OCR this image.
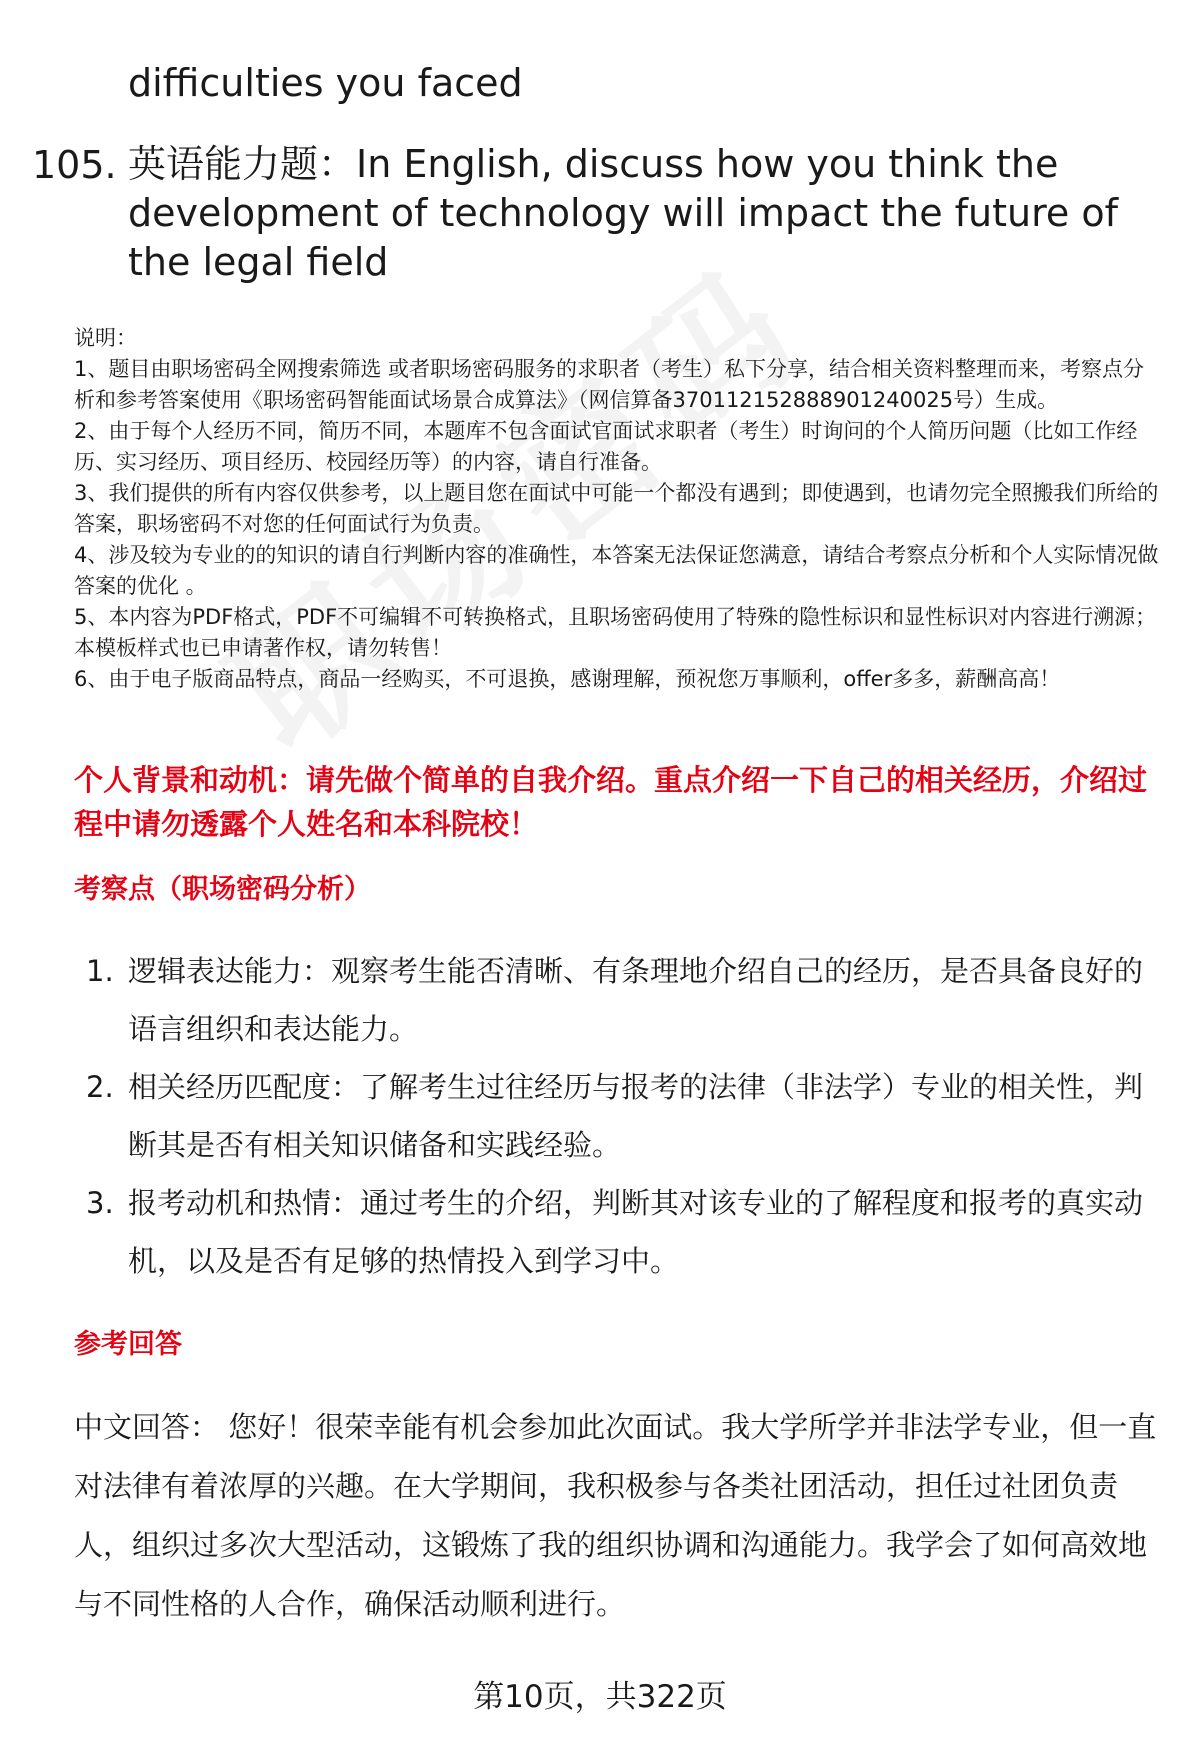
difficulties you faced

105. 英语能力题：In English, discuss how you think the development of technology will impact the future of the legal field

说明：

1、题目由职场密码全网搜索筛选 或者职场密码服务的求职者（考生）私下分享，结合相关资料整理而来，考察点分析和参考答案使用《职场密码智能面试场景合成算法》（网信算备370112152888901240025号）生成。

2、由于每个人经历不同，简历不同，本题库不包含面试官面试求职者（考生）时询问的个人简历问题（比如工作经历、实习经历、项目经历、校园经历等）的内容，请自行准备。

3、我们提供的所有内容仅供参考，以上题目您在面试中可能一个都没有遇到；即使遇到，也请勿完全照搬我们所给的答案，职场密码不对您的任何面试行为负责。

4、涉及较为专业的的知识的请自行判断内容的准确性，本答案无法保证您满意，请结合考察点分析和个人实际情况做答案的优化 。

5、本内容为PDF格式，PDF不可编辑不可转换格式，且职场密码使用了特殊的隐性标识和显性标识对内容进行溯源；本模板样式也已申请著作权，请勿转售！

6、由于电子版商品特点，商品一经购买，不可退换，感谢理解，预祝您万事顺利，offer多多，薪酬高高！

个人背景和动机：请先做个简单的自我介绍。重点介绍一下自己的相关经历，介绍过程中请勿透露个人姓名和本科院校！

考察点（职场密码分析）

1. 逻辑表达能力：观察考生能否清晰、有条理地介绍自己的经历，是否具备良好的语言组织和表达能力。
2. 相关经历匹配度：了解考生过往经历与报考的法律（非法学）专业的相关性，判断其是否有相关知识储备和实践经验。
3. 报考动机和热情：通过考生的介绍，判断其对该专业的了解程度和报考的真实动机，以及是否有足够的热情投入到学习中。

参考回答

中文回答： 您好！很荣幸能有机会参加此次面试。我大学所学并非法学专业，但一直对法律有着浓厚的兴趣。在大学期间，我积极参与各类社团活动，担任过社团负责人，组织过多次大型活动，这锻炼了我的组织协调和沟通能力。我学会了如何高效地与不同性格的人合作，确保活动顺利进行。

第10页，共322页
